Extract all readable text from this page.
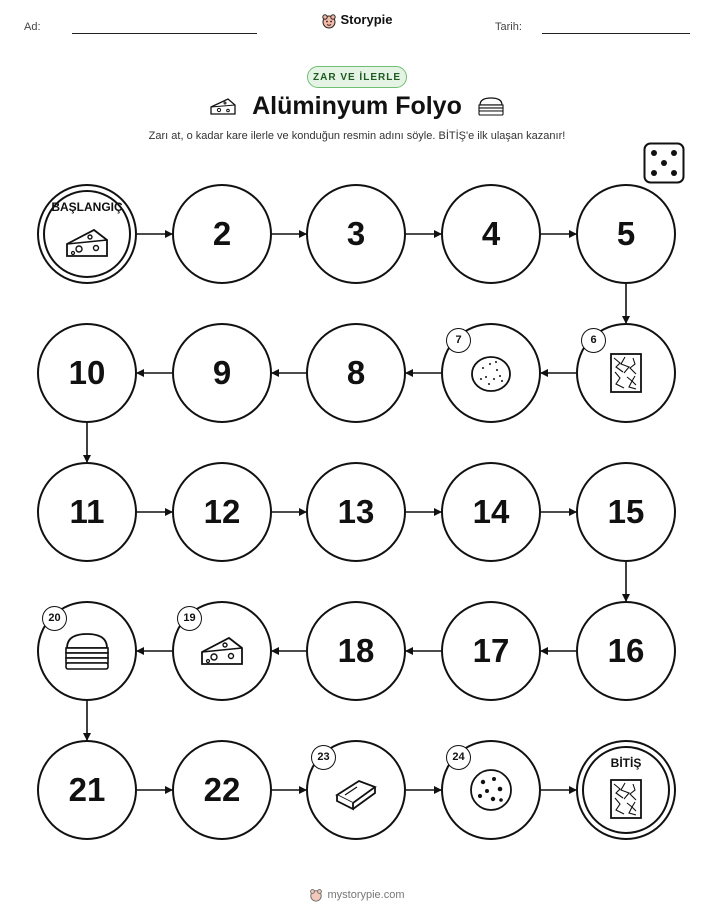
Ad:	Storypie	Tarih:
ZAR VE İLERLE
Alüminyum Folyo
Zarı at, o kadar kare ilerle ve konduğun resmin adını söyle. BİTİŞ'e ilk ulaşan kazanır!
BAŞLANGIÇ
2	3	4	5
6
7
8
9
10
11	12	13	14	15
16
17
18
19
20
21	22
23	24	BİTİŞ
mystorypie.com
